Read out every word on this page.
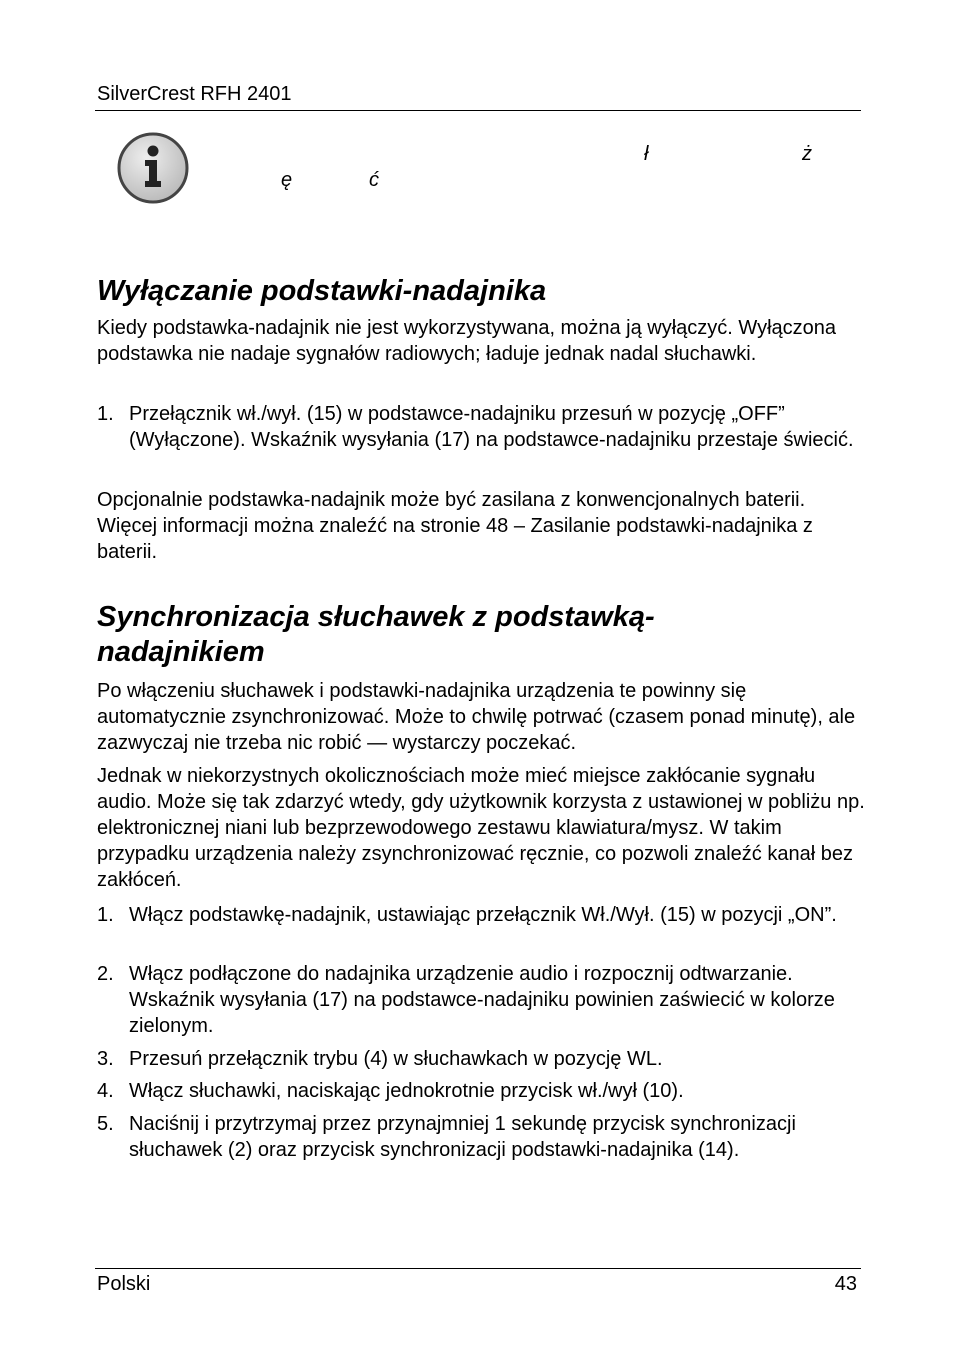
SilverCrest RFH 2401
ł	ż
ę	ć
Wyłączanie podstawki-nadajnika

Kiedy podstawka-nadajnik nie jest wykorzystywana, można ją wyłączyć. Wyłączona podstawka nie nadaje sygnałów radiowych; ładuje jednak nadal słuchawki.

1. Przełącznik wł./wył. (15) w podstawce-nadajniku przesuń w pozycję „OFF” (Wyłączone). Wskaźnik wysyłania (17) na podstawce-nadajniku przestaje świecić.

Opcjonalnie podstawka-nadajnik może być zasilana z konwencjonalnych baterii. Więcej informacji można znaleźć na stronie 48 – Zasilanie podstawki-nadajnika z baterii.

Synchronizacja słuchawek z podstawką-nadajnikiem

Po włączeniu słuchawek i podstawki-nadajnika urządzenia te powinny się automatycznie zsynchronizować. Może to chwilę potrwać (czasem ponad minutę), ale zazwyczaj nie trzeba nic robić — wystarczy poczekać.

Jednak w niekorzystnych okolicznościach może mieć miejsce zakłócanie sygnału audio. Może się tak zdarzyć wtedy, gdy użytkownik korzysta z ustawionej w pobliżu np. elektronicznej niani lub bezprzewodowego zestawu klawiatura/mysz. W takim przypadku urządzenia należy zsynchronizować ręcznie, co pozwoli znaleźć kanał bez zakłóceń.

1. Włącz podstawkę-nadajnik, ustawiając przełącznik Wł./Wył. (15) w pozycji „ON”.
2. Włącz podłączone do nadajnika urządzenie audio i rozpocznij odtwarzanie. Wskaźnik wysyłania (17) na podstawce-nadajniku powinien zaświecić w kolorze zielonym.
3. Przesuń przełącznik trybu (4) w słuchawkach w pozycję WL.
4. Włącz słuchawki, naciskając jednokrotnie przycisk wł./wył (10).
5. Naciśnij i przytrzymaj przez przynajmniej 1 sekundę przycisk synchronizacji słuchawek (2) oraz przycisk synchronizacji podstawki-nadajnika (14).
Polski	43
